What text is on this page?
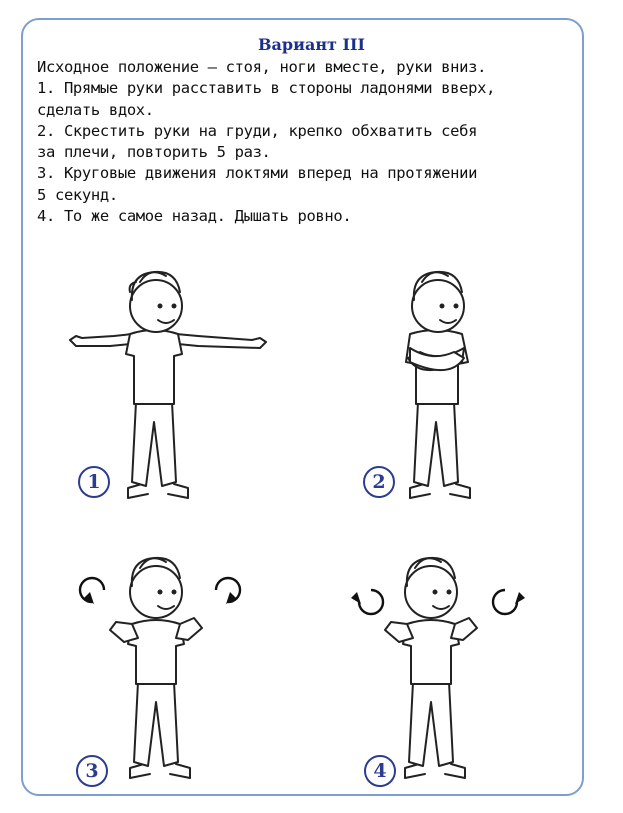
Вариант III
Исходное положение — стоя, ноги вместе, руки вниз.
1. Прямые руки расставить в стороны ладонями вверх,
сделать вдох.
2. Скрестить руки на груди, крепко обхватить себя
за плечи, повторить 5 раз.
3. Круговые движения локтями вперед на протяжении
5 секунд.
4. То же самое назад. Дышать ровно.
1	2
3	4
